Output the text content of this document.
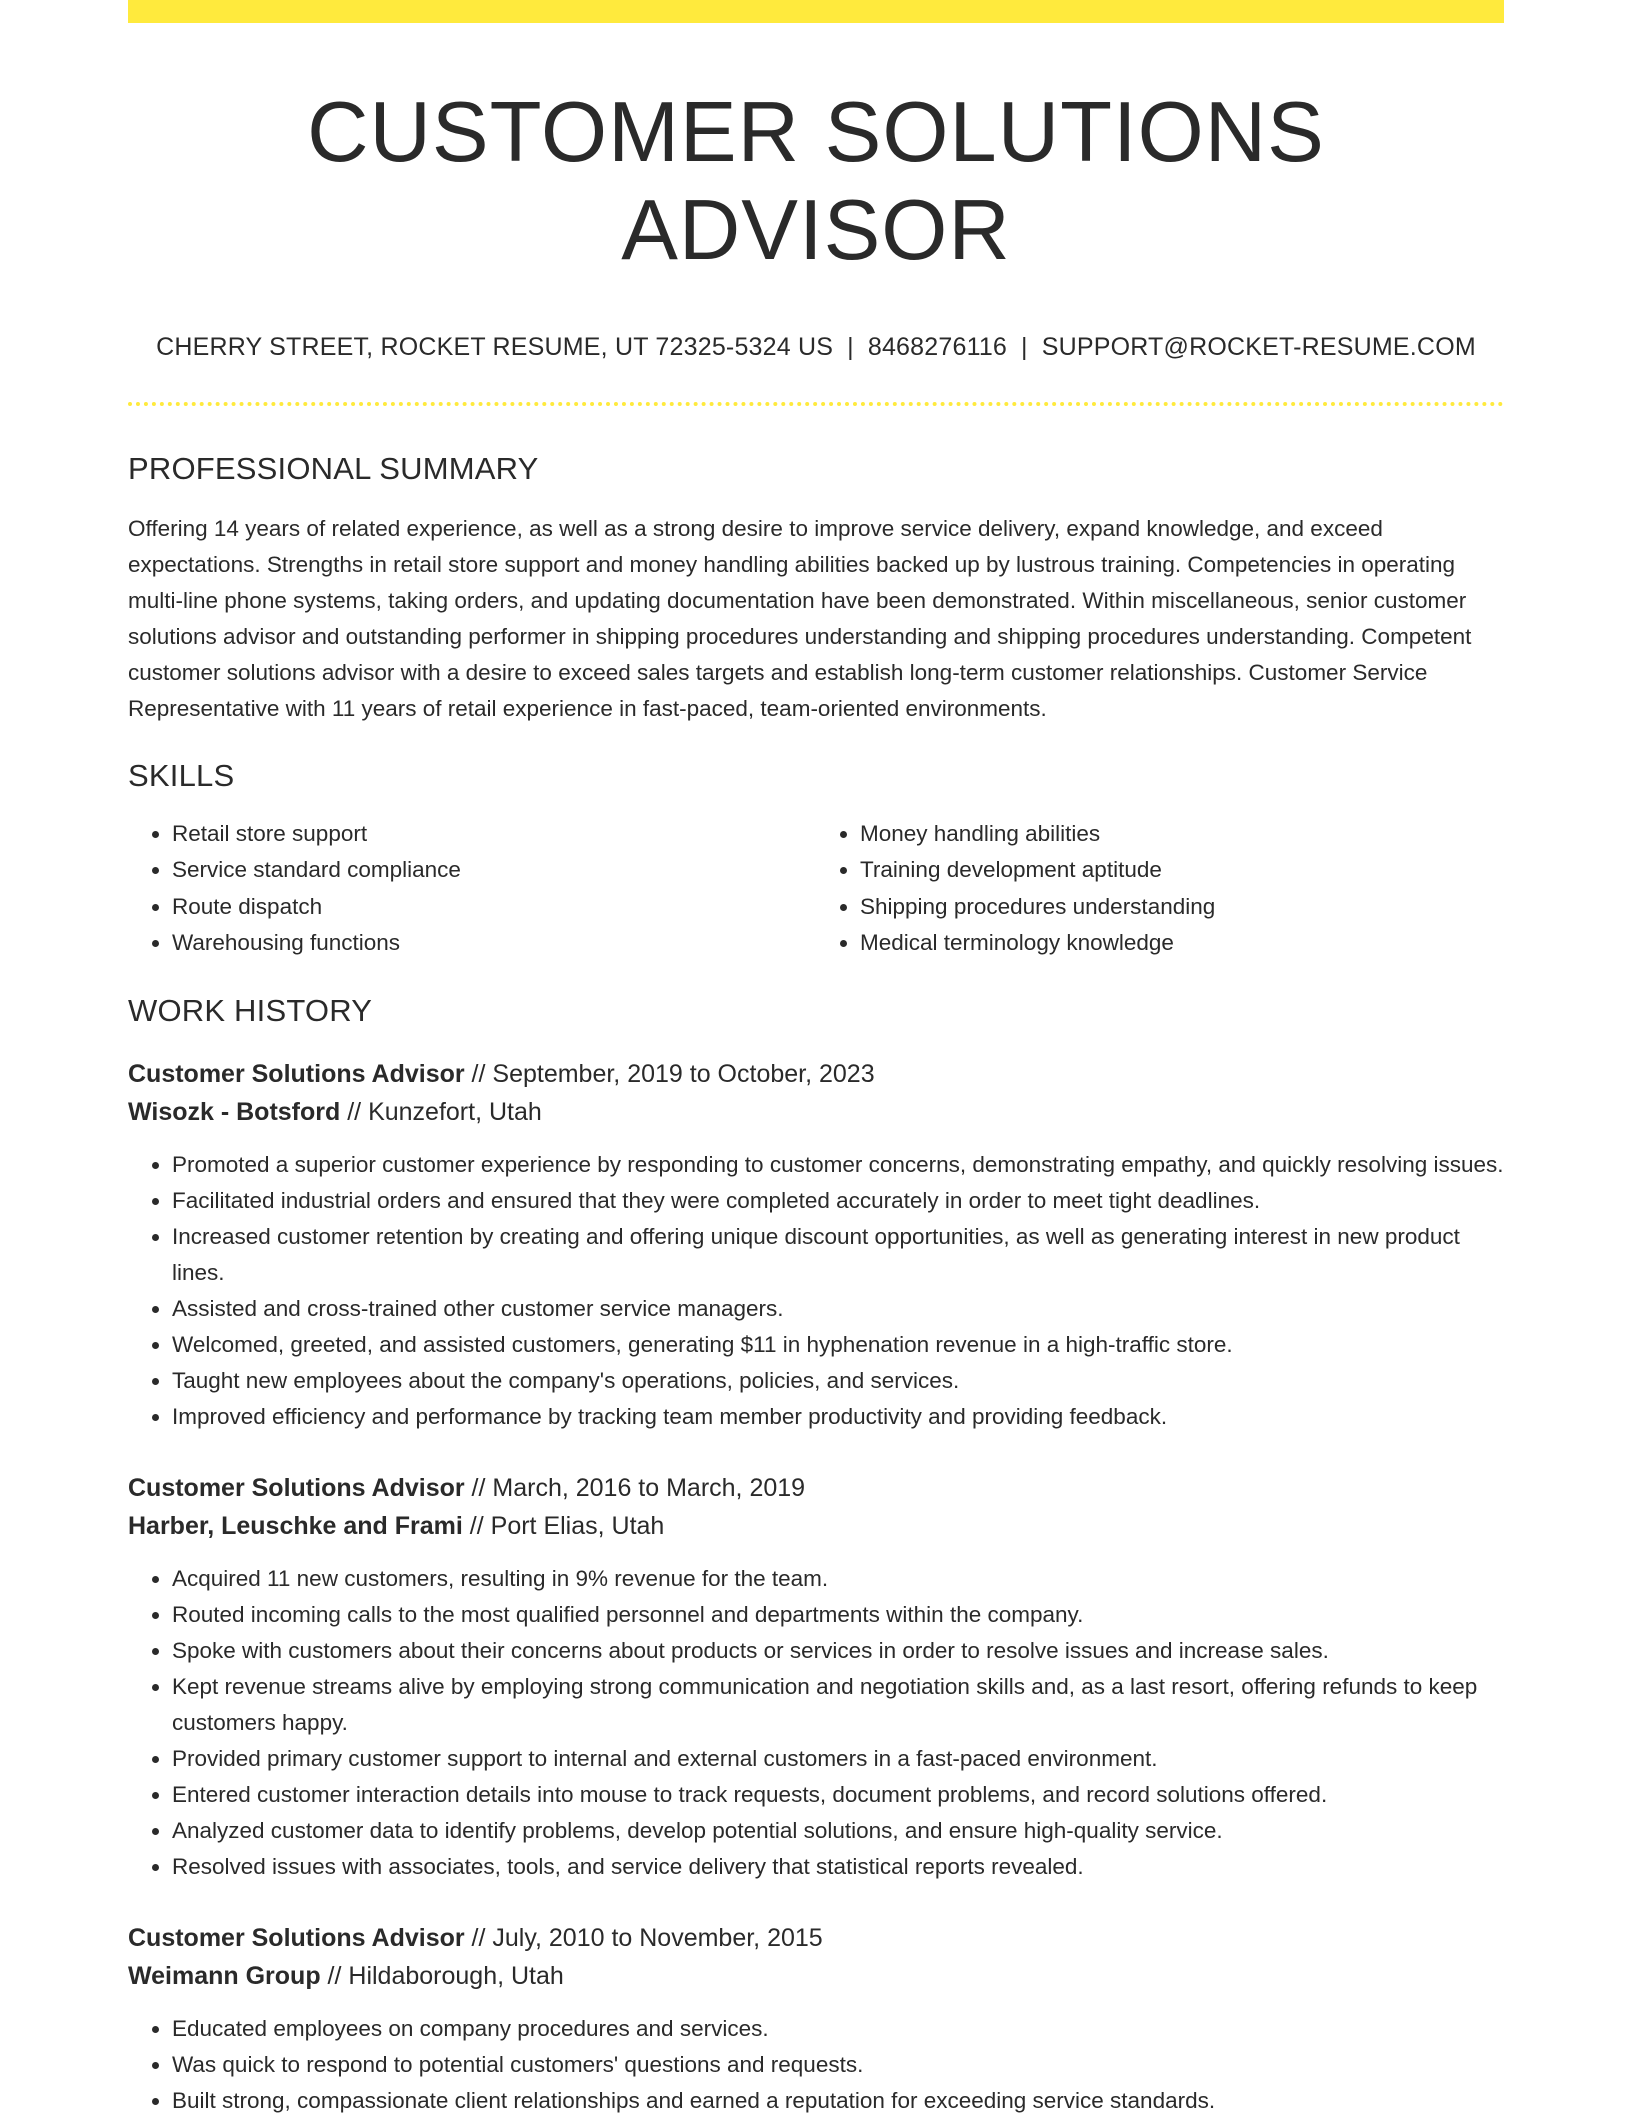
CUSTOMER SOLUTIONS ADVISOR
CHERRY STREET, ROCKET RESUME, UT 72325-5324 US | 8468276116 | SUPPORT@ROCKET-RESUME.COM
PROFESSIONAL SUMMARY
Offering 14 years of related experience, as well as a strong desire to improve service delivery, expand knowledge, and exceed expectations. Strengths in retail store support and money handling abilities backed up by lustrous training. Competencies in operating multi-line phone systems, taking orders, and updating documentation have been demonstrated. Within miscellaneous, senior customer solutions advisor and outstanding performer in shipping procedures understanding and shipping procedures understanding. Competent customer solutions advisor with a desire to exceed sales targets and establish long-term customer relationships. Customer Service Representative with 11 years of retail experience in fast-paced, team-oriented environments.
SKILLS
• Retail store support
• Service standard compliance
• Route dispatch
• Warehousing functions
• Money handling abilities
• Training development aptitude
• Shipping procedures understanding
• Medical terminology knowledge
WORK HISTORY
Customer Solutions Advisor // September, 2019 to October, 2023
Wisozk - Botsford // Kunzefort, Utah
• Promoted a superior customer experience by responding to customer concerns, demonstrating empathy, and quickly resolving issues.
• Facilitated industrial orders and ensured that they were completed accurately in order to meet tight deadlines.
• Increased customer retention by creating and offering unique discount opportunities, as well as generating interest in new product lines.
• Assisted and cross-trained other customer service managers.
• Welcomed, greeted, and assisted customers, generating $11 in hyphenation revenue in a high-traffic store.
• Taught new employees about the company's operations, policies, and services.
• Improved efficiency and performance by tracking team member productivity and providing feedback.
Customer Solutions Advisor // March, 2016 to March, 2019
Harber, Leuschke and Frami // Port Elias, Utah
• Acquired 11 new customers, resulting in 9% revenue for the team.
• Routed incoming calls to the most qualified personnel and departments within the company.
• Spoke with customers about their concerns about products or services in order to resolve issues and increase sales.
• Kept revenue streams alive by employing strong communication and negotiation skills and, as a last resort, offering refunds to keep customers happy.
• Provided primary customer support to internal and external customers in a fast-paced environment.
• Entered customer interaction details into mouse to track requests, document problems, and record solutions offered.
• Analyzed customer data to identify problems, develop potential solutions, and ensure high-quality service.
• Resolved issues with associates, tools, and service delivery that statistical reports revealed.
Customer Solutions Advisor // July, 2010 to November, 2015
Weimann Group // Hildaborough, Utah
• Educated employees on company procedures and services.
• Was quick to respond to potential customers' questions and requests.
• Built strong, compassionate client relationships and earned a reputation for exceeding service standards.
